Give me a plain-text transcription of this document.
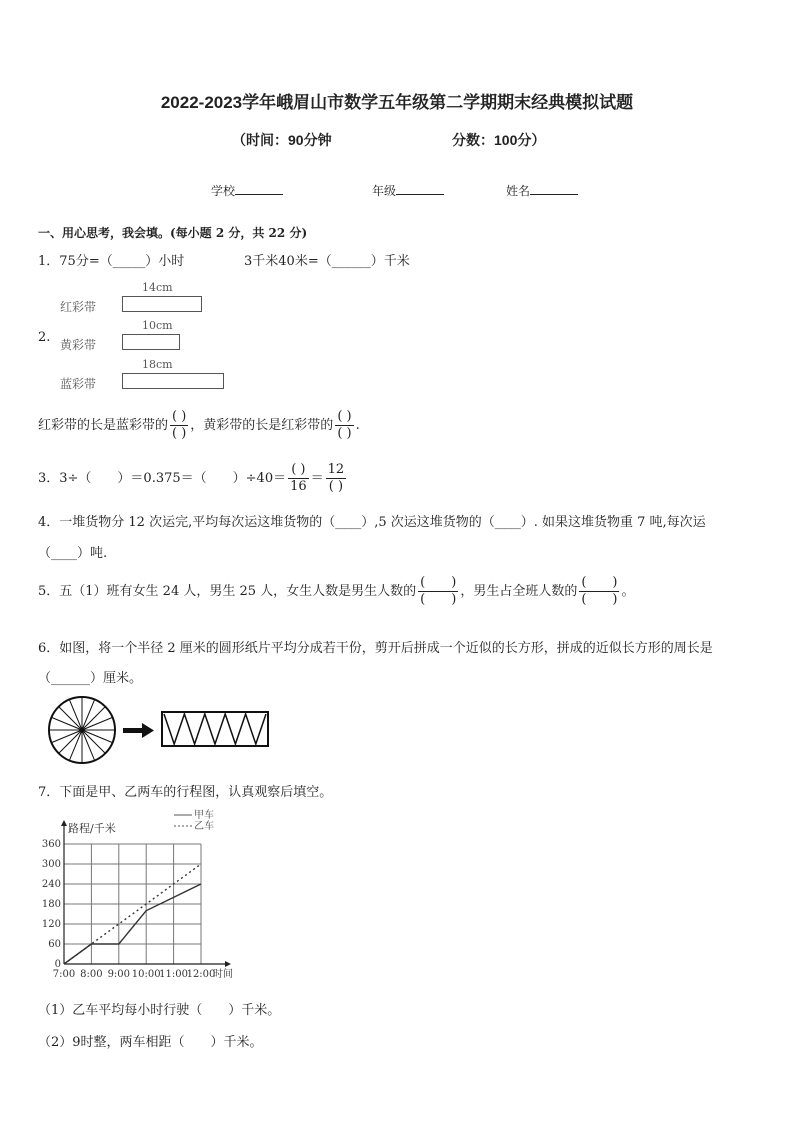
2022-2023学年峨眉山市数学五年级第二学期期末经典模拟试题
（时间：90分钟	分数：100分）
学校	年级	姓名
一、用心思考，我会填。(每小题 2 分，共 22 分)
1．75分=（_____）小时	3千米40米=（______）千米
2.
14cm
红彩带
10cm
黄彩带
18cm
蓝彩带
红彩带的长是蓝彩带的 $\frac{( )}{( )}$ ，黄彩带的长是红彩带的 $\frac{( )}{( )}$ .
3．3÷（　　）＝0.375＝（　　）$\div 40= \frac{( )}{16} = \frac{12}{( )}$
4．一堆货物分 12 次运完,平均每次运这堆货物的（____）,5 次运这堆货物的（____）. 如果这堆货物重 7 吨,每次运
（____）吨.
5．五（1）班有女生 24 人，男生 25 人，女生人数是男生人数的 $\frac{( )}{( )}$ ，男生占全班人数的 $\frac{( )}{( )}$ 。
6．如图，将一个半径 2 厘米的圆形纸片平均分成若干份，剪开后拼成一个近似的长方形，拼成的近似长方形的周长是
（______）厘米。
7．下面是甲、乙两车的行程图，认真观察后填空。
0
60
120
180
240
300
360
7:00 8:00 9:00 10:00
11:00
12:00
路程/千米
时间
甲车
乙车
（1）乙车平均每小时行驶（　　）千米。
（2）9时整，两车相距（　　）千米。
